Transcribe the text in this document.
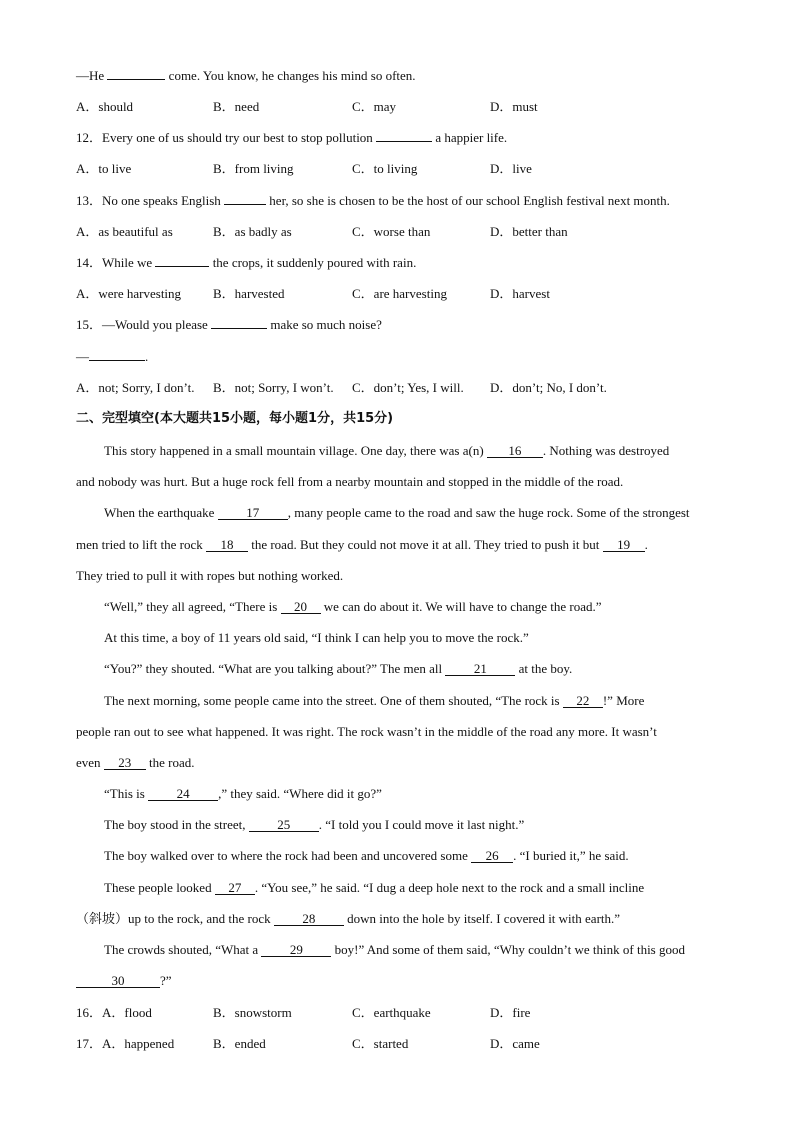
—He	come. You know, he changes his mind so often.
A．should	B．need	C．may	D．must
12．Every one of us should try our best to stop pollution	a happier life.
A．to live	B．from living	C．to living	D．live
13．No one speaks English	her, so she is chosen to be the host of our school English festival next month.
A．as beautiful as	B．as badly as	C．worse than	D．better than
14．While we	the crops, it suddenly poured with rain.
A．were harvesting B．harvested	C．are harvesting	D．harvest
15．—Would you please	make so much noise?
—	.
A．not; Sorry, I don’t. B．not; Sorry, I won’t. C．don’t; Yes, I will. D．don’t; No, I don’t.
二、完型填空(本大题共15小题，每小题1分，共15分)
This story happened in a small mountain village. One day, there was a(n) 16 . Nothing was destroyed
and nobody was hurt. But a huge rock fell from a nearby mountain and stopped in the middle of the road.
When the earthquake 17 , many people came to the road and saw the huge rock. Some of the strongest
men tried to lift the rock 18 the road. But they could not move it at all. They tried to push it but 19 .
They tried to pull it with ropes but nothing worked.
“Well,” they all agreed, “There is 20 we can do about it. We will have to change the road.”
At this time, a boy of 11 years old said, “I think I can help you to move the rock.”
“You?” they shouted. “What are you talking about?” The men all 21 at the boy.
The next morning, some people came into the street. One of them shouted, “The rock is 22 !” More
people ran out to see what happened. It was right. The rock wasn’t in the middle of the road any more. It wasn’t
even 23 the road.
“This is 24 ,” they said. “Where did it go?”
The boy stood in the street, 25 . “I told you I could move it last night.”
The boy walked over to where the rock had been and uncovered some 26 . “I buried it,” he said.
These people looked 27 . “You see,” he said. “I dug a deep hole next to the rock and a small incline
（斜坡）up to the rock, and the rock 28 down into the hole by itself. I covered it with earth.”
The crowds shouted, “What a 29 boy!” And some of them said, “Why couldn’t we think of this good
30	?”
16．A．flood	B．snowstorm	C．earthquake	D．fire
17．A．happened	B．ended	C．started	D．came
